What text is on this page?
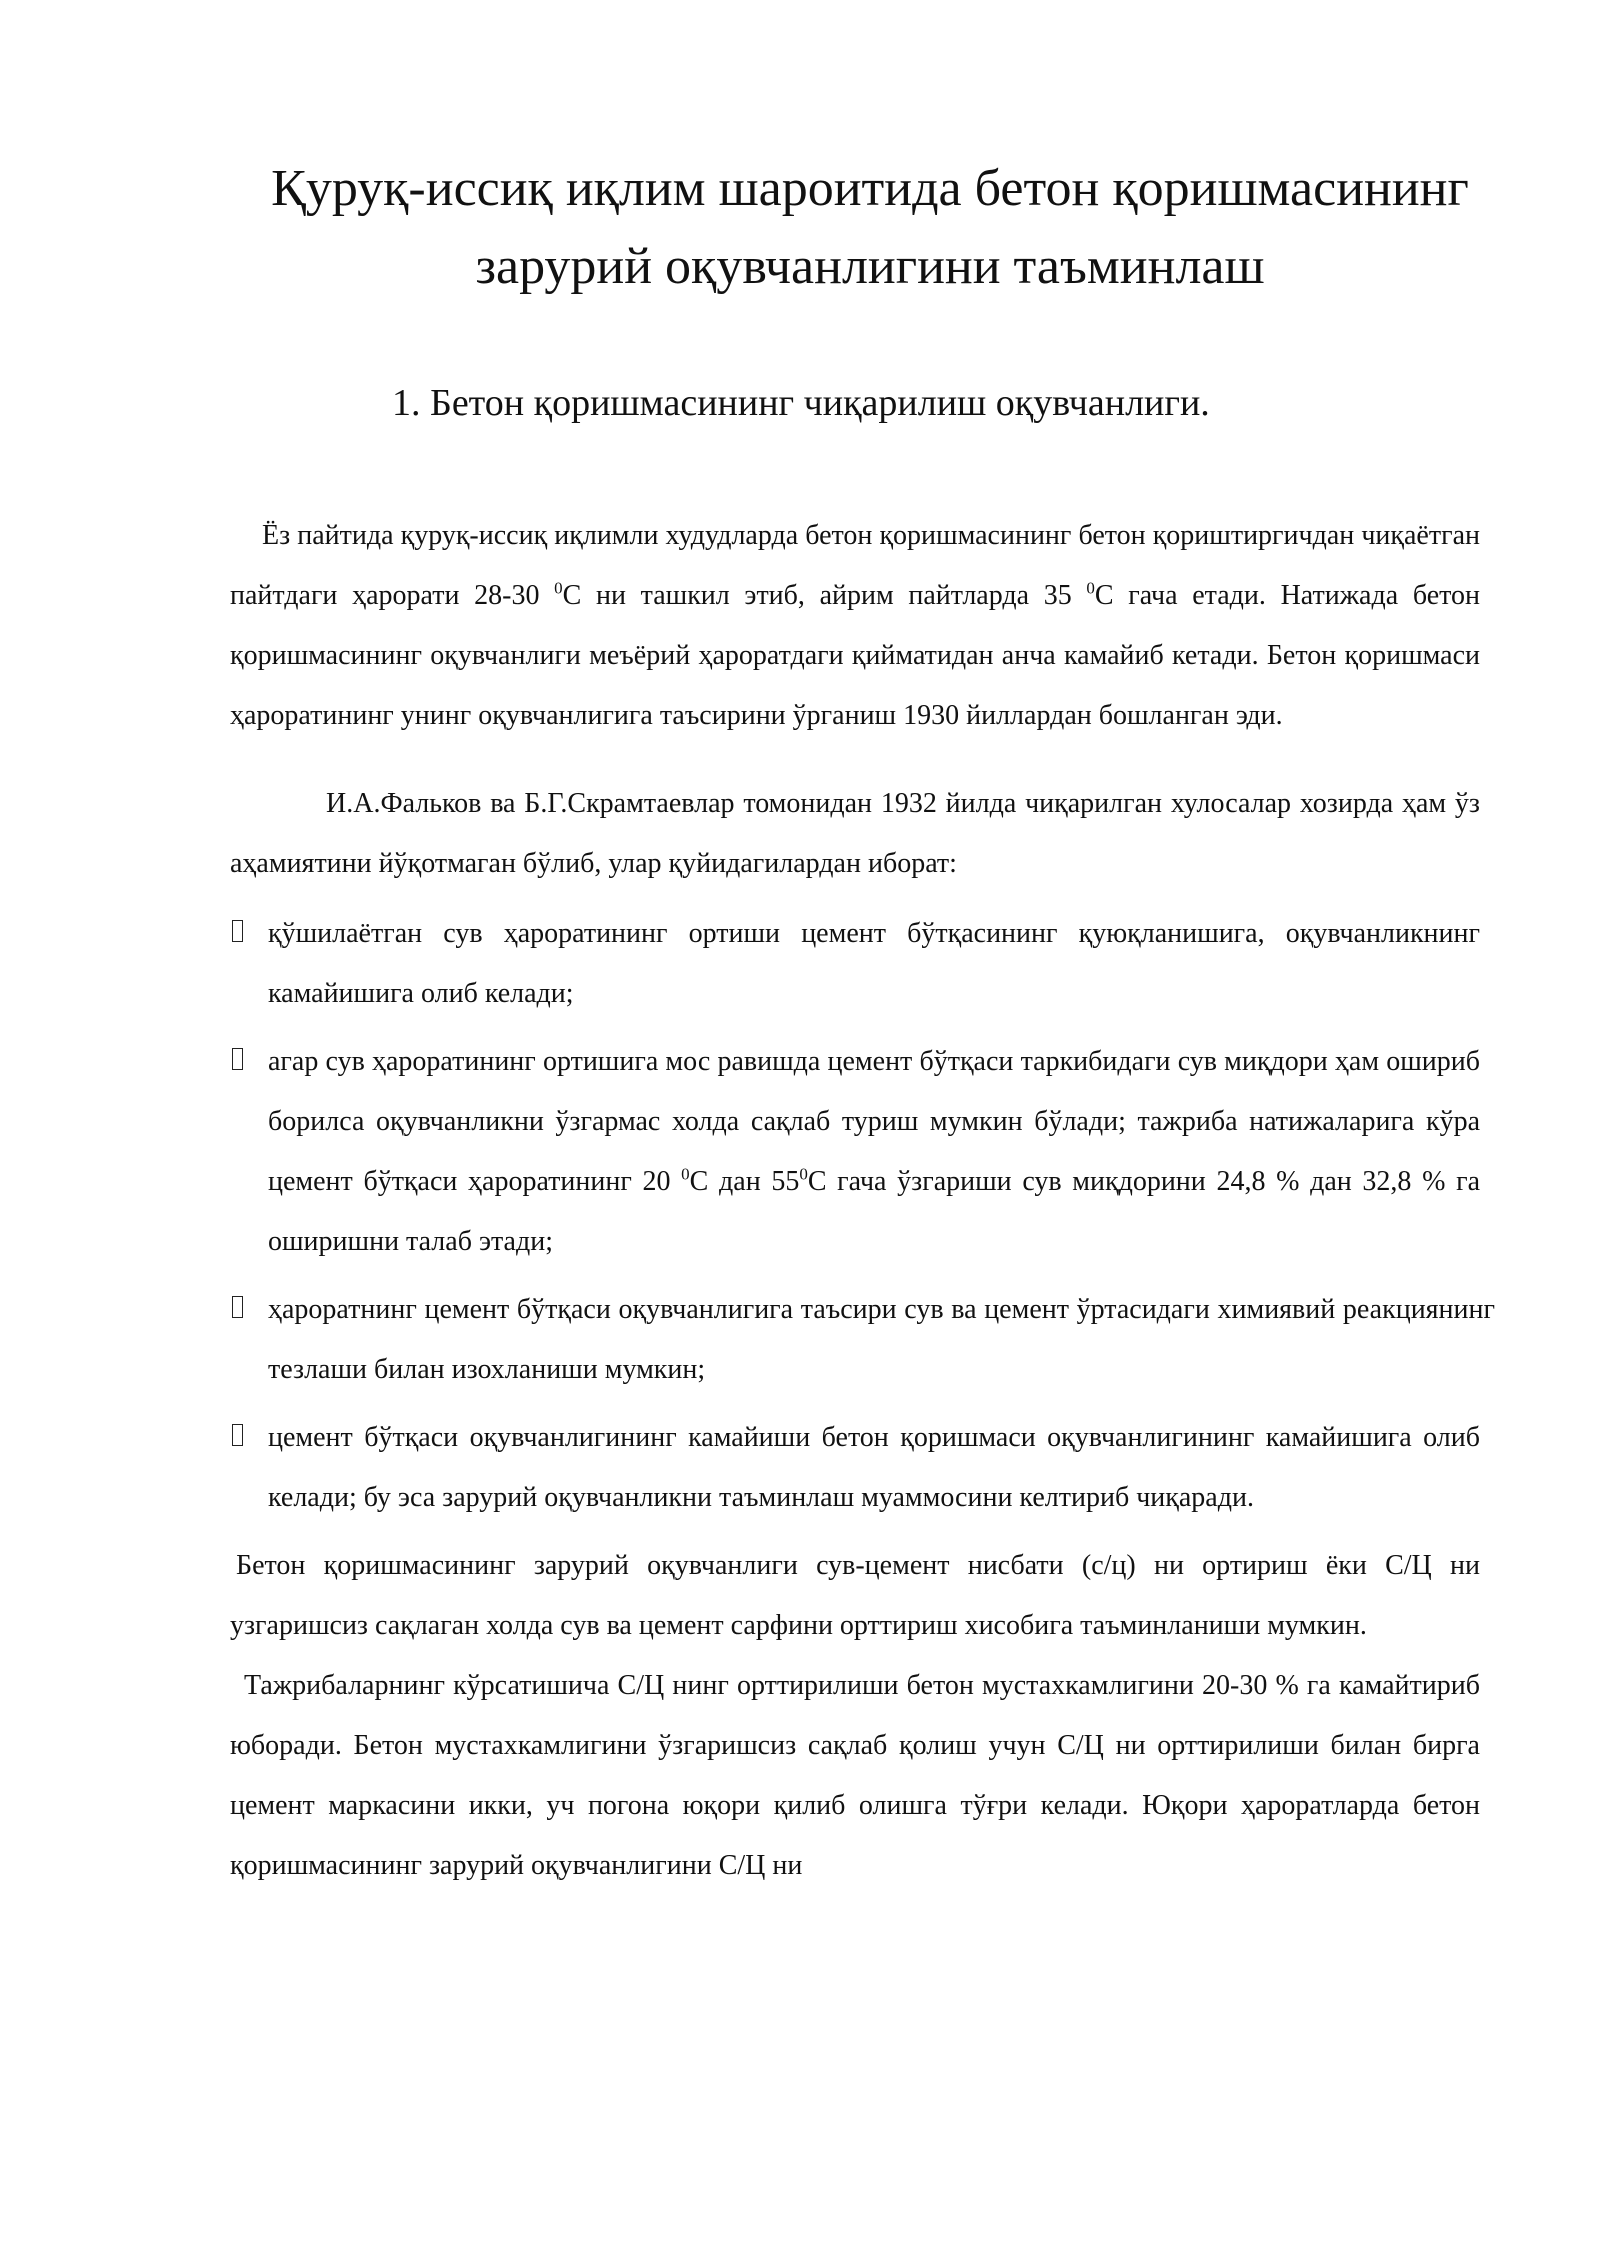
Қуруқ-иссиқ иқлим шароитида бетон қоришмасининг зарурий оқувчанлигини таъминлаш
1. Бетон қоришмасининг чиқарилиш оқувчанлиги.

Ёз пайтида қуруқ-иссиқ иқлимли худудларда бетон қоришмасининг бетон қориштиргичдан чиқаётган пайтдаги ҳарорати 28-30 $^0$С ни ташкил этиб, айрим пайтларда 35 $^0$С гача етади. Натижада бетон қоришмасининг оқувчанлиги меъёрий ҳароратдаги қийматидан анча камайиб кетади. Бетон қоришмаси ҳароратининг унинг оқувчанлигига таъсирини ўрганиш 1930 йиллардан бошланган эди.

И.А.Фальков ва Б.Г.Скрамтаевлар томонидан 1932 йилда чиқарилган хулосалар хозирда ҳам ўз аҳамиятини йўқотмаган бўлиб, улар қуйидагилардан иборат:

қўшилаётган сув ҳароратининг ортиши цемент бўтқасининг қуюқланишига, оқувчанликнинг камайишига олиб келади;
агар сув ҳароратининг ортишига мос равишда цемент бўтқаси таркибидаги сув миқдори ҳам ошириб борилса оқувчанликни ўзгармас холда сақлаб туриш мумкин бўлади; тажриба натижаларига кўра цемент бўтқаси ҳароратининг 20 $^0$С дан $55^0С$ гача ўзгариши сув миқдорини 24,8 % дан 32,8 % га оширишни талаб этади;
ҳароратнинг цемент бўтқаси оқувчанлигига таъсири сув ва цемент ўртасидаги химиявий реакциянинг тезлаши билан изохланиши мумкин;
цемент бўтқаси оқувчанлигининг камайиши бетон қоришмаси оқувчанлигининг камайишига олиб келади; бу эса зарурий оқувчанликни таъминлаш муаммосини келтириб чиқаради.

Бетон қоришмасининг зарурий оқувчанлиги сув-цемент нисбати (с/ц) ни ортириш ёки С/Ц ни узгаришсиз сақлаган холда сув ва цемент сарфини орттириш хисобига таъминланиши мумкин.

Тажрибаларнинг кўрсатишича С/Ц нинг орттирилиши бетон мустахкамлигини 20-30 % га камайтириб юборади. Бетон мустахкамлигини ўзгаришсиз сақлаб қолиш учун С/Ц ни орттирилиши билан бирга цемент маркасини икки, уч погона юқори қилиб олишга тўғри келади. Юқори ҳароратларда бетон қоришмасининг зарурий оқувчанлигини С/Ц ни
